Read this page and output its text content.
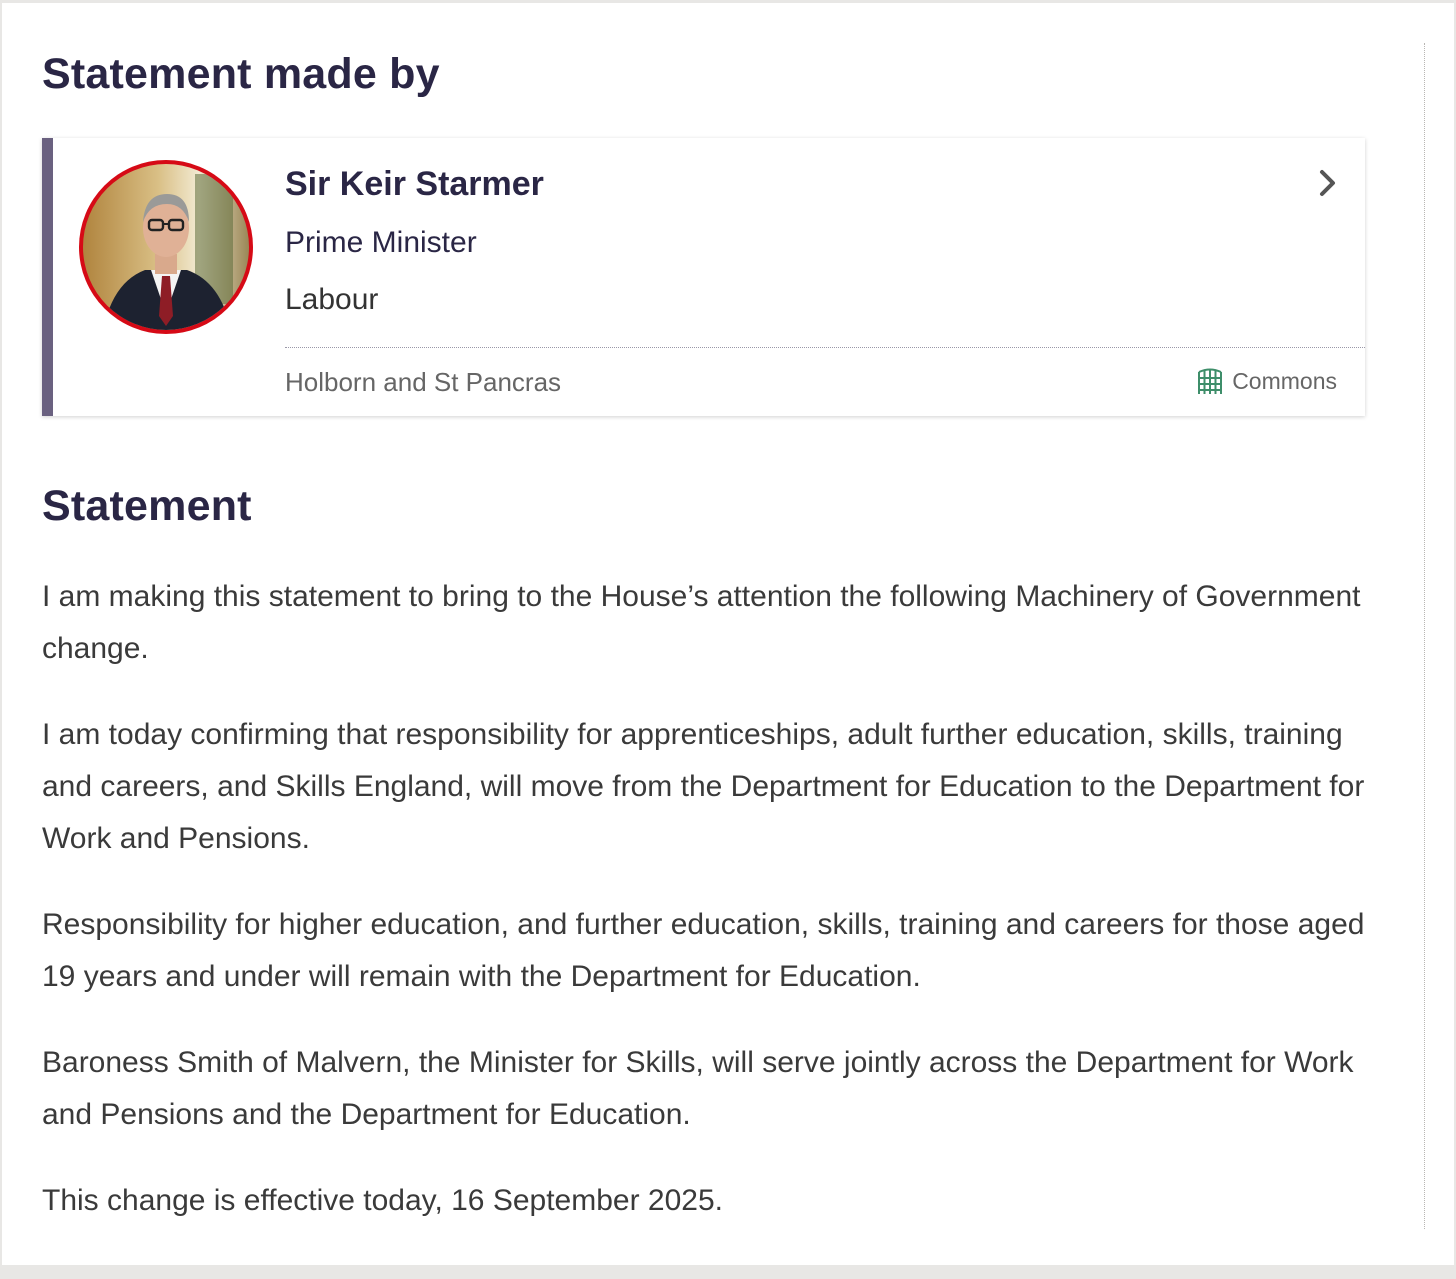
Statement made by
Sir Keir Starmer
Prime Minister
Labour
Holborn and St Pancras	Commons
Statement

I am making this statement to bring to the House’s attention the following Machinery of Government change.

I am today confirming that responsibility for apprenticeships, adult further education, skills, training and careers, and Skills England, will move from the Department for Education to the Department for Work and Pensions.

Responsibility for higher education, and further education, skills, training and careers for those aged 19 years and under will remain with the Department for Education.

Baroness Smith of Malvern, the Minister for Skills, will serve jointly across the Department for Work and Pensions and the Department for Education.

This change is effective today, 16 September 2025.
